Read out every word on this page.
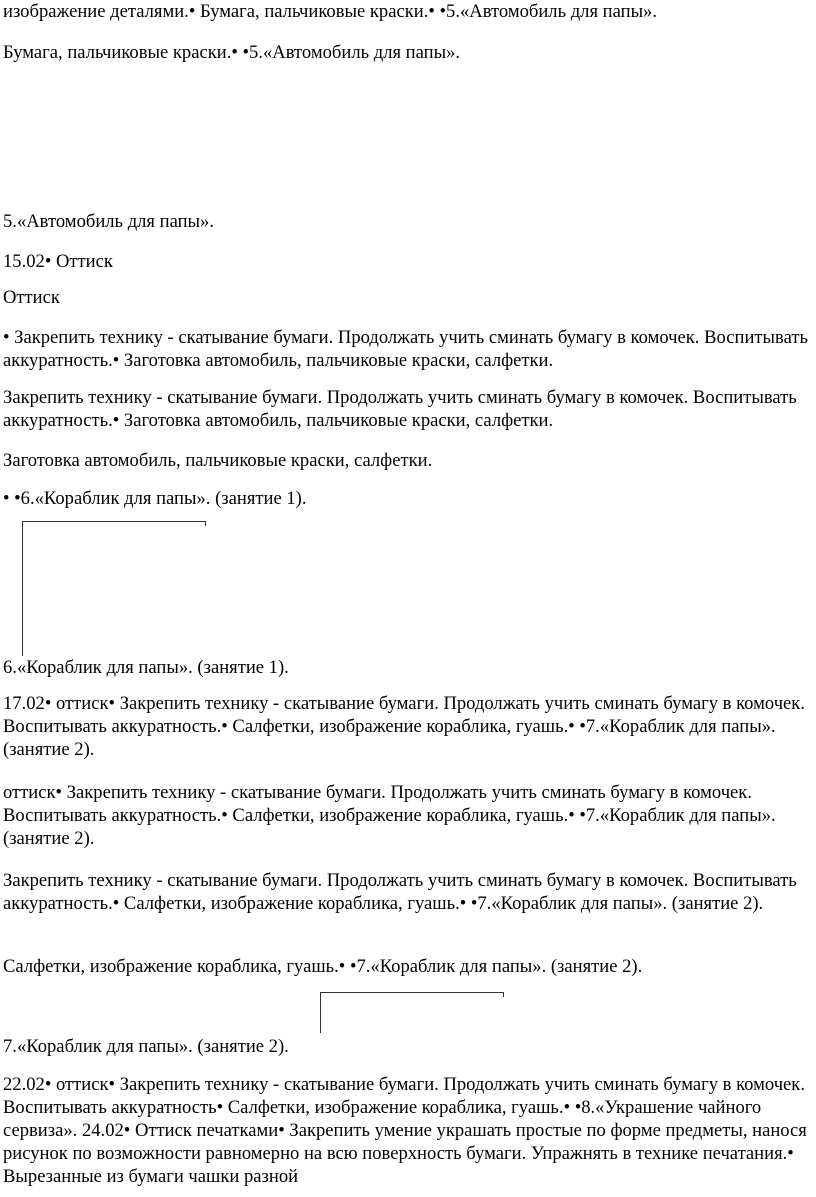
изображение деталями.• Бумага, пальчиковые краски.• •5.«Автомобиль для папы».

Бумага, пальчиковые краски.• •5.«Автомобиль для папы».

5.«Автомобиль для папы».

15.02• Оттиск

Оттиск

• Закрепить технику - скатывание бумаги. Продолжать учить сминать бумагу в комочек. Воспитывать аккуратность.• Заготовка автомобиль, пальчиковые краски, салфетки.

Закрепить технику - скатывание бумаги. Продолжать учить сминать бумагу в комочек. Воспитывать аккуратность.• Заготовка автомобиль, пальчиковые краски, салфетки.

Заготовка автомобиль, пальчиковые краски, салфетки.

• •6.«Кораблик для папы». (занятие 1).

6.«Кораблик для папы». (занятие 1).

17.02• оттиск• Закрепить технику - скатывание бумаги. Продолжать учить сминать бумагу в комочек. Воспитывать аккуратность.• Салфетки, изображение кораблика, гуашь.• •7.«Кораблик для папы». (занятие 2).

оттиск• Закрепить технику - скатывание бумаги. Продолжать учить сминать бумагу в комочек. Воспитывать аккуратность.• Салфетки, изображение кораблика, гуашь.• •7.«Кораблик для папы». (занятие 2).

Закрепить технику - скатывание бумаги. Продолжать учить сминать бумагу в комочек. Воспитывать аккуратность.• Салфетки, изображение кораблика, гуашь.• •7.«Кораблик для папы». (занятие 2).

Салфетки, изображение кораблика, гуашь.• •7.«Кораблик для папы». (занятие 2).

7.«Кораблик для папы». (занятие 2).

22.02• оттиск• Закрепить технику - скатывание бумаги. Продолжать учить сминать бумагу в комочек. Воспитывать аккуратность• Салфетки, изображение кораблика, гуашь.• •8.«Украшение чайного сервиза». 24.02• Оттиск печатками• Закрепить умение украшать простые по форме предметы, нанося рисунок по возможности равномерно на всю поверхность бумаги. Упражнять в технике печатания.• Вырезанные из бумаги чашки разной
